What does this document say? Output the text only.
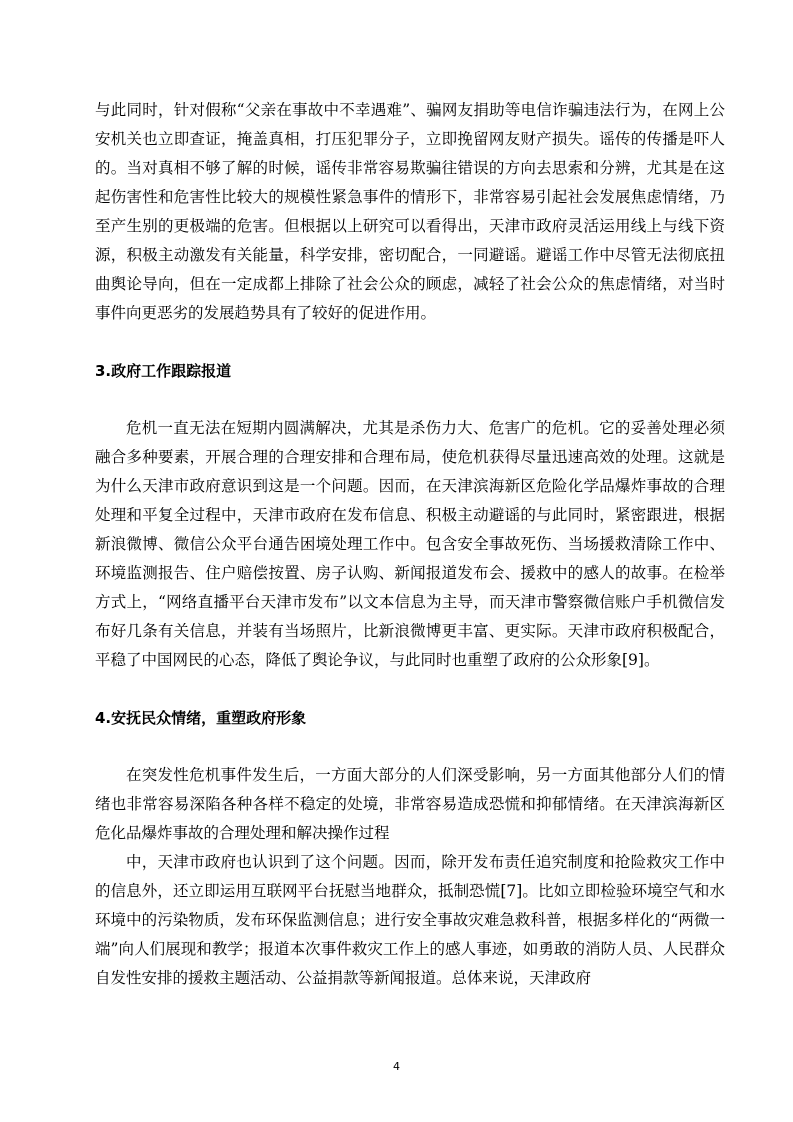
与此同时，针对假称“父亲在事故中不幸遇难”、骗网友捐助等电信诈骗违法行为，在网上公安机关也立即查证，掩盖真相，打压犯罪分子，立即挽留网友财产损失。谣传的传播是吓人的。当对真相不够了解的时候，谣传非常容易欺骗往错误的方向去思索和分辨，尤其是在这起伤害性和危害性比较大的规模性紧急事件的情形下，非常容易引起社会发展焦虑情绪，乃至产生别的更极端的危害。但根据以上研究可以看得出，天津市政府灵活运用线上与线下资源，积极主动激发有关能量，科学安排，密切配合，一同避谣。避谣工作中尽管无法彻底扭曲舆论导向，但在一定成都上排除了社会公众的顾虑，减轻了社会公众的焦虑情绪，对当时事件向更恶劣的发展趋势具有了较好的促进作用。

3.政府工作跟踪报道

危机一直无法在短期内圆满解决，尤其是杀伤力大、危害广的危机。它的妥善处理必须融合多种要素，开展合理的合理安排和合理布局，使危机获得尽量迅速高效的处理。这就是为什么天津市政府意识到这是一个问题。因而，在天津滨海新区危险化学品爆炸事故的合理处理和平复全过程中，天津市政府在发布信息、积极主动避谣的与此同时，紧密跟进，根据新浪微博、微信公众平台通告困境处理工作中。包含安全事故死伤、当场援救清除工作中、环境监测报告、住户赔偿按置、房子认购、新闻报道发布会、援救中的感人的故事。在检举方式上，“网络直播平台天津市发布”以文本信息为主导，而天津市警察微信账户手机微信发布好几条有关信息，并装有当场照片，比新浪微博更丰富、更实际。天津市政府积极配合，平稳了中国网民的心态，降低了舆论争议，与此同时也重塑了政府的公众形象[9]。

4.安抚民众情绪，重塑政府形象

在突发性危机事件发生后，一方面大部分的人们深受影响，另一方面其他部分人们的情绪也非常容易深陷各种各样不稳定的处境，非常容易造成恐慌和抑郁情绪。在天津滨海新区危化品爆炸事故的合理处理和解决操作过程

中，天津市政府也认识到了这个问题。因而，除开发布责任追究制度和抢险救灾工作中的信息外，还立即运用互联网平台抚慰当地群众，抵制恐慌[7]。比如立即检验环境空气和水环境中的污染物质，发布环保监测信息；进行安全事故灾难急救科普，根据多样化的“两微一端”向人们展现和教学；报道本次事件救灾工作上的感人事迹，如勇敢的消防人员、人民群众自发性安排的援救主题活动、公益捐款等新闻报道。总体来说，天津政府

4
